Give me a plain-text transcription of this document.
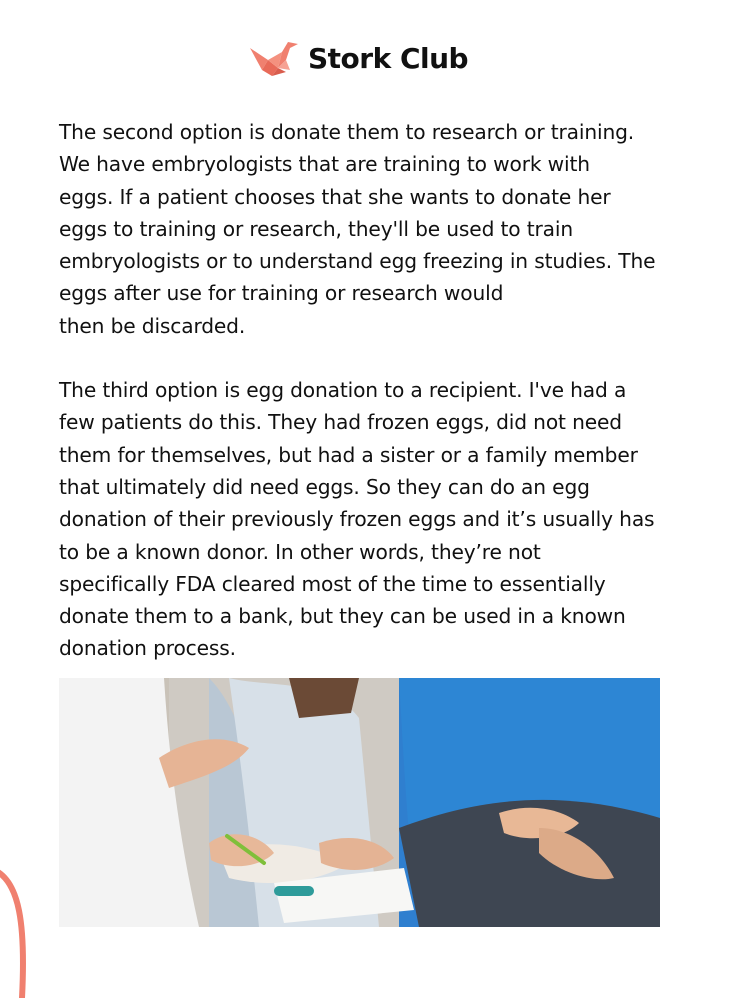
Stork Club

The second option is donate them to research or training.
We have embryologists that are training to work with
eggs. If a patient chooses that she wants to donate her
eggs to training or research, they'll be used to train
embryologists or to understand egg freezing in studies. The
eggs after use for training or research would
then be discarded.

The third option is egg donation to a recipient. I've had a
few patients do this. They had frozen eggs, did not need
them for themselves, but had a sister or a family member
that ultimately did need eggs. So they can do an egg
donation of their previously frozen eggs and it’s usually has
to be a known donor. In other words, they’re not
specifically FDA cleared most of the time to essentially
donate them to a bank, but they can be used in a known
donation process.
